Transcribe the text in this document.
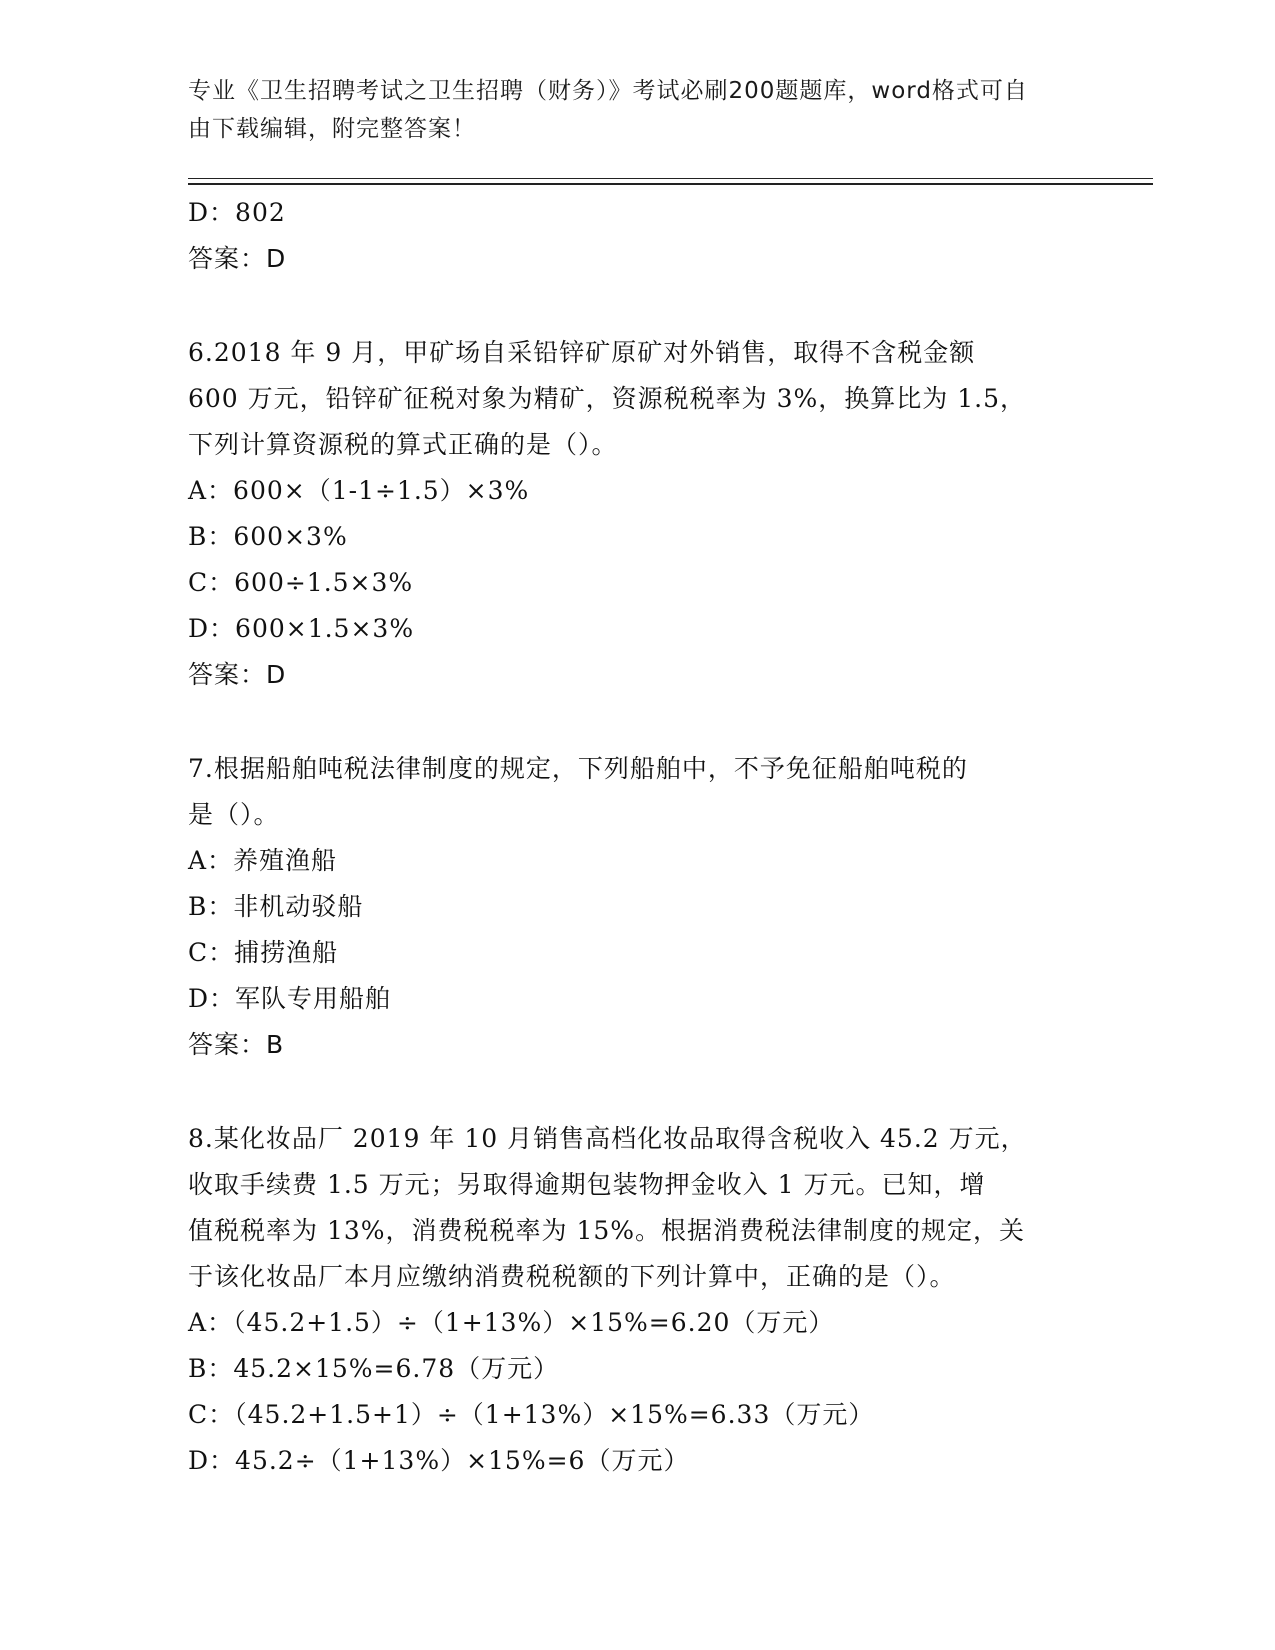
专业《卫生招聘考试之卫生招聘（财务）》考试必刷200题题库，word格式可自
由下载编辑，附完整答案！

D：802

答案：D

6.2018 年 9 月，甲矿场自采铅锌矿原矿对外销售，取得不含税金额

600 万元，铅锌矿征税对象为精矿，资源税税率为 3%，换算比为 1.5，

下列计算资源税的算式正确的是（）。

A：600×（1-1÷1.5）×3%

B：600×3%

C：600÷1.5×3%

D：600×1.5×3%

答案：D

7.根据船舶吨税法律制度的规定，下列船舶中，不予免征船舶吨税的

是（）。

A：养殖渔船

B：非机动驳船

C：捕捞渔船

D：军队专用船舶

答案：B

8.某化妆品厂 2019 年 10 月销售高档化妆品取得含税收入 45.2 万元，

收取手续费 1.5 万元；另取得逾期包装物押金收入 1 万元。已知，增

值税税率为 13%，消费税税率为 15%。根据消费税法律制度的规定，关

于该化妆品厂本月应缴纳消费税税额的下列计算中，正确的是（）。

A：（45.2+1.5）÷（1+13%）×15%=6.20（万元）

B：45.2×15%=6.78（万元）

C：（45.2+1.5+1）÷（1+13%）×15%=6.33（万元）

D：45.2÷（1+13%）×15%=6（万元）
